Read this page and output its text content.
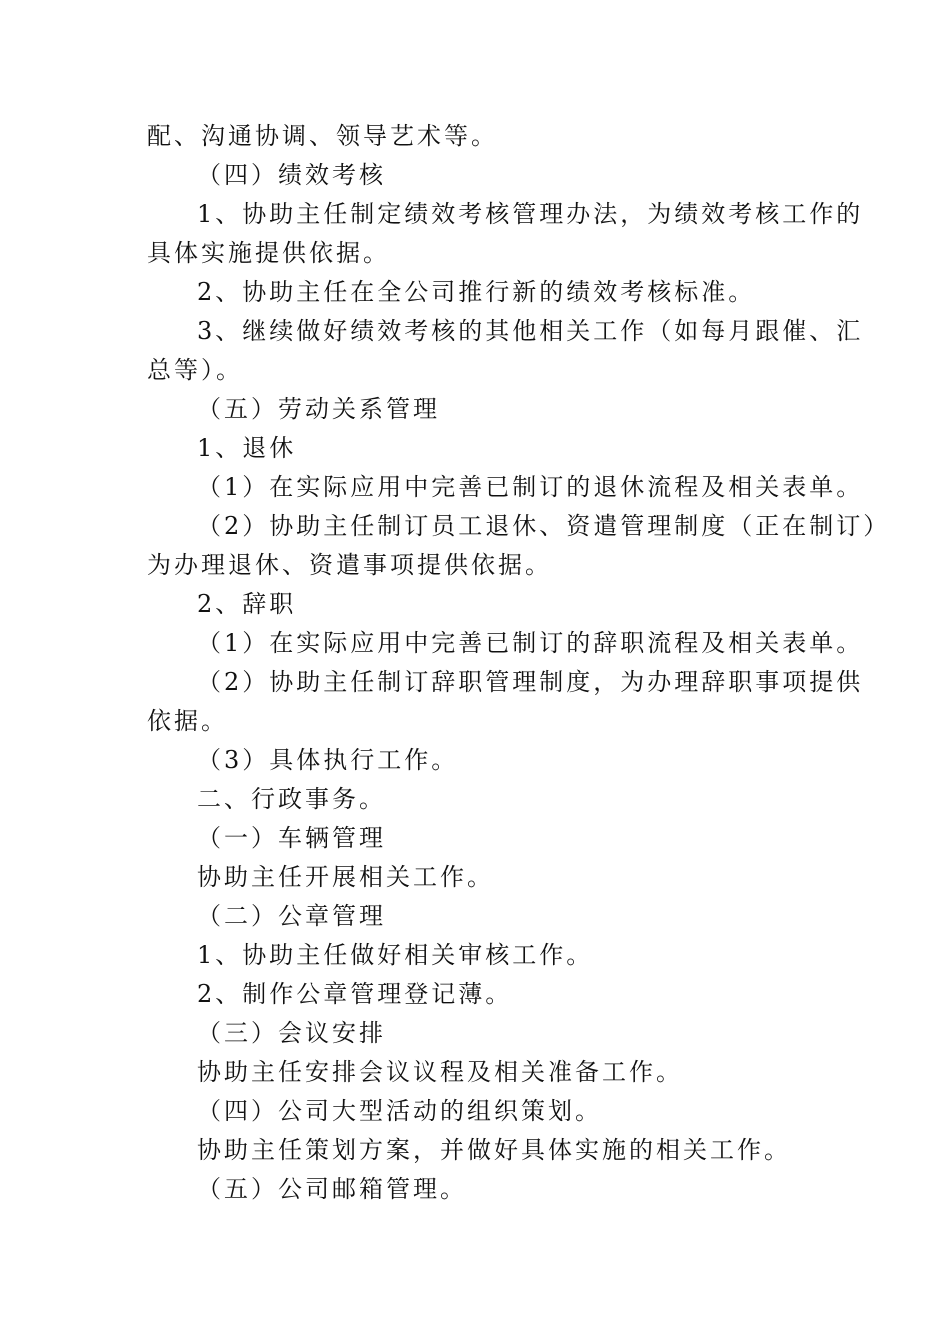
配、沟通协调、领导艺术等。
（四）绩效考核
1、协助主任制定绩效考核管理办法，为绩效考核工作的
具体实施提供依据。
2、协助主任在全公司推行新的绩效考核标准。
3、继续做好绩效考核的其他相关工作（如每月跟催、汇
总等）。
（五）劳动关系管理
1、退休
（1）在实际应用中完善已制订的退休流程及相关表单。
（2）协助主任制订员工退休、资遣管理制度（正在制订）
为办理退休、资遣事项提供依据。
2、辞职
（1）在实际应用中完善已制订的辞职流程及相关表单。
（2）协助主任制订辞职管理制度，为办理辞职事项提供
依据。
（3）具体执行工作。
二、行政事务。
（一）车辆管理
协助主任开展相关工作。
（二）公章管理
1、协助主任做好相关审核工作。
2、制作公章管理登记薄。
（三）会议安排
协助主任安排会议议程及相关准备工作。
（四）公司大型活动的组织策划。
协助主任策划方案，并做好具体实施的相关工作。
（五）公司邮箱管理。
